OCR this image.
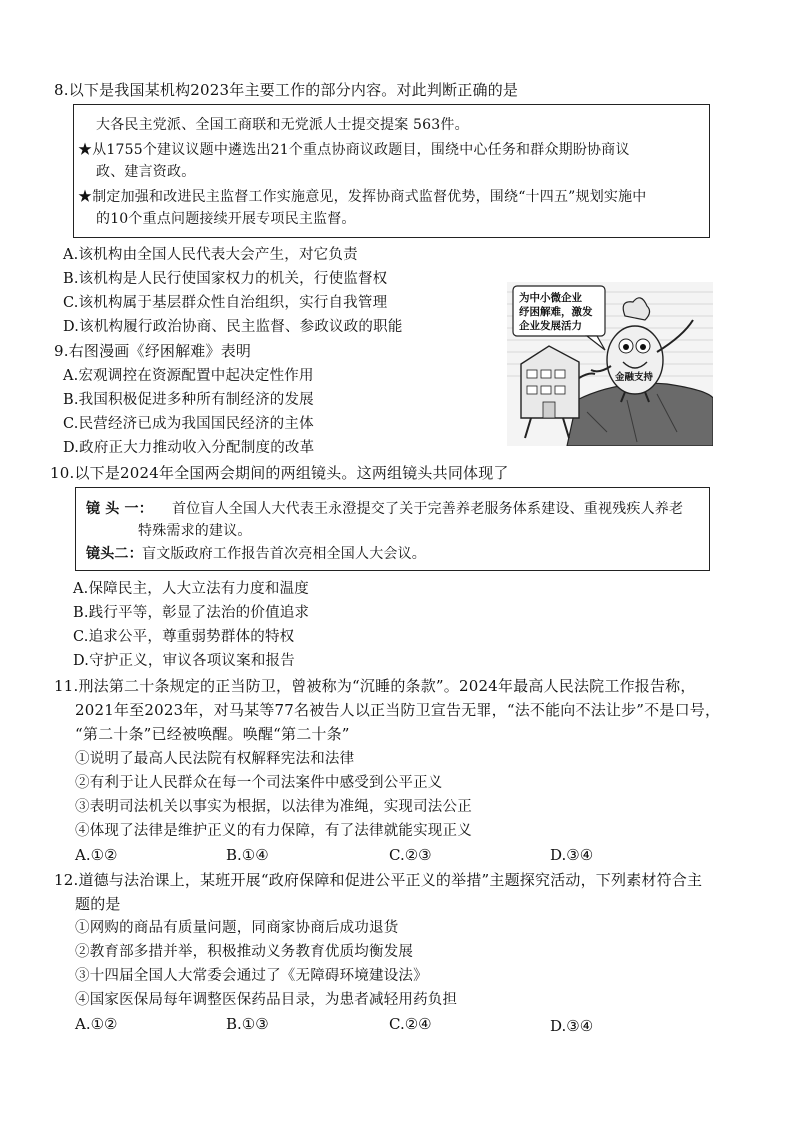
8.以下是我国某机构2023年主要工作的部分内容。对此判断正确的是
大各民主党派、全国工商联和无党派人士提交提案 563件。
★从1755个建议议题中遴选出21个重点协商议政题目，围绕中心任务和群众期盼协商议
政、建言资政。
★制定加强和改进民主监督工作实施意见，发挥协商式监督优势，围绕“十四五”规划实施中
的10个重点问题接续开展专项民主监督。
A.该机构由全国人民代表大会产生，对它负责
B.该机构是人民行使国家权力的机关，行使监督权
C.该机构属于基层群众性自治组织，实行自我管理
D.该机构履行政治协商、民主监督、参政议政的职能
9.右图漫画《纾困解难》表明
A.宏观调控在资源配置中起决定性作用
B.我国积极促进多种所有制经济的发展
C.民营经济已成为我国国民经济的主体
D.政府正大力推动收入分配制度的改革
为中小微企业
纾困解难，激发
企业发展活力
金融支持
10.以下是2024年全国两会期间的两组镜头。这两组镜头共同体现了
镜 头 一： 首位盲人全国人大代表王永澄提交了关于完善养老服务体系建设、重视残疾人养老
特殊需求的建议。
镜头二： 盲文版政府工作报告首次亮相全国人大会议。
A.保障民主，人大立法有力度和温度
B.践行平等，彰显了法治的价值追求
C.追求公平，尊重弱势群体的特权
D.守护正义，审议各项议案和报告
11.刑法第二十条规定的正当防卫，曾被称为“沉睡的条款”。2024年最高人民法院工作报告称，
2021年至2023年，对马某等77名被告人以正当防卫宣告无罪，“法不能向不法让步”不是口号，
“第二十条”已经被唤醒。唤醒“第二十条”
①说明了最高人民法院有权解释宪法和法律
②有利于让人民群众在每一个司法案件中感受到公平正义
③表明司法机关以事实为根据，以法律为准绳，实现司法公正
④体现了法律是维护正义的有力保障，有了法律就能实现正义
A.①②	B.①④	C.②③	D.③④
12.道德与法治课上，某班开展“政府保障和促进公平正义的举措”主题探究活动，下列素材符合主
题的是
①网购的商品有质量问题，同商家协商后成功退货
②教育部多措并举，积极推动义务教育优质均衡发展
③十四届全国人大常委会通过了《无障碍环境建设法》
④国家医保局每年调整医保药品目录，为患者减轻用药负担
A.①②	B.①③	C.②④	D.③④
